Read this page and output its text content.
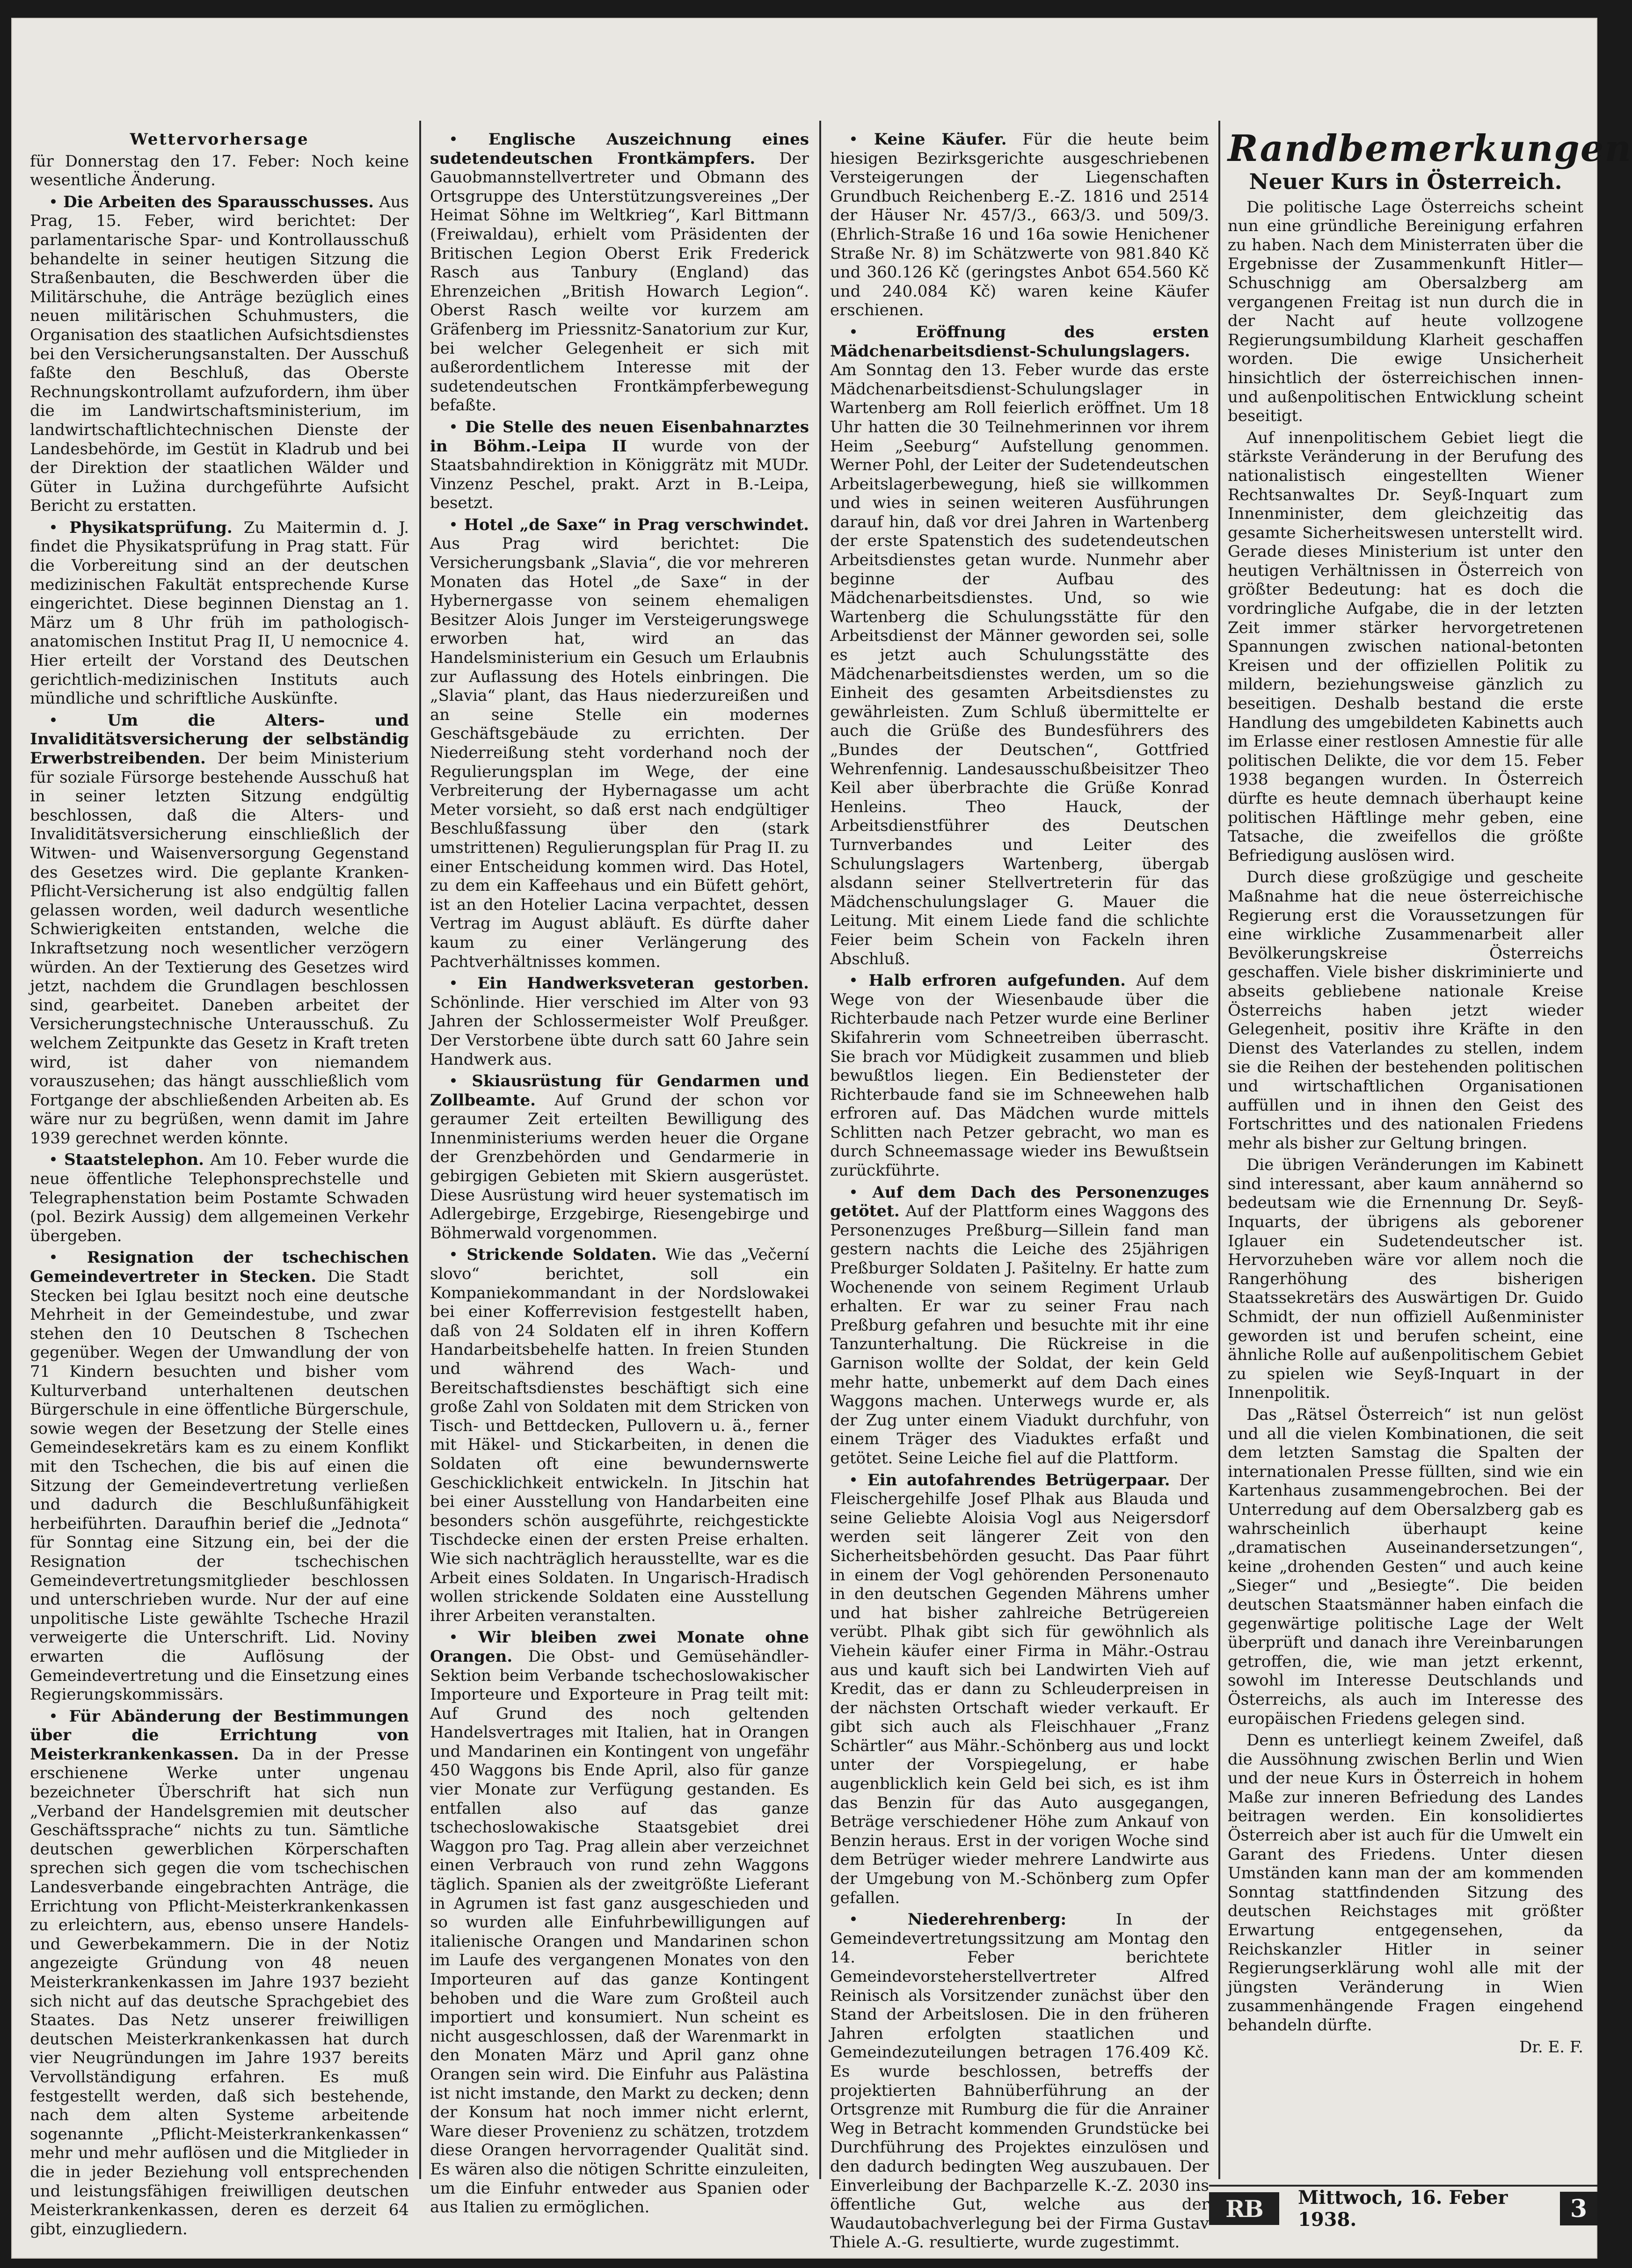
Wettervorhersage

für Donnerstag den 17. Feber: Noch keine wesentliche Änderung.

• Die Arbeiten des Sparausschusses. Aus Prag, 15. Feber, wird berichtet: Der parlamentarische Spar- und Kontrollausschuß behandelte in seiner heutigen Sitzung die Straßenbauten, die Beschwerden über die Militärschuhe, die Anträge bezüglich eines neuen militärischen Schuhmusters, die Organisation des staatlichen Aufsichtsdienstes bei den Versicherungsanstalten. Der Ausschuß faßte den Beschluß, das Oberste Rechnungskontrollamt aufzufordern, ihm über die im Landwirtschaftsministerium, im landwirtschaftlichtechnischen Dienste der Landesbehörde, im Gestüt in Kladrub und bei der Direktion der staatlichen Wälder und Güter in Lužina durchgeführte Aufsicht Bericht zu erstatten.

• Physikatsprüfung. Zu Maitermin d. J. findet die Physikatsprüfung in Prag statt. Für die Vorbereitung sind an der deutschen medizinischen Fakultät entsprechende Kurse eingerichtet. Diese beginnen Dienstag an 1. März um 8 Uhr früh im pathologisch-anatomischen Institut Prag II, U nemocnice 4. Hier erteilt der Vorstand des Deutschen gerichtlich-medizinischen Instituts auch mündliche und schriftliche Auskünfte.

• Um die Alters- und Invaliditätsversicherung der selbständig Erwerbstreibenden. Der beim Ministerium für soziale Fürsorge bestehende Ausschuß hat in seiner letzten Sitzung endgültig beschlossen, daß die Alters- und Invaliditätsversicherung einschließlich der Witwen- und Waisenversorgung Gegenstand des Gesetzes wird. Die geplante Kranken-Pflicht-Versicherung ist also endgültig fallen gelassen worden, weil dadurch wesentliche Schwierigkeiten entstanden, welche die Inkraftsetzung noch wesentlicher verzögern würden. An der Textierung des Gesetzes wird jetzt, nachdem die Grundlagen beschlossen sind, gearbeitet. Daneben arbeitet der Versicherungstechnische Unterausschuß. Zu welchem Zeitpunkte das Gesetz in Kraft treten wird, ist daher von niemandem vorauszusehen; das hängt ausschließlich vom Fortgange der abschließenden Arbeiten ab. Es wäre nur zu begrüßen, wenn damit im Jahre 1939 gerechnet werden könnte.

• Staatstelephon. Am 10. Feber wurde die neue öffentliche Telephonsprechstelle und Telegraphenstation beim Postamte Schwaden (pol. Bezirk Aussig) dem allgemeinen Verkehr übergeben.

• Resignation der tschechischen Gemeindevertreter in Stecken. Die Stadt Stecken bei Iglau besitzt noch eine deutsche Mehrheit in der Gemeindestube, und zwar stehen den 10 Deutschen 8 Tschechen gegenüber. Wegen der Umwandlung der von 71 Kindern besuchten und bisher vom Kulturverband unterhaltenen deutschen Bürgerschule in eine öffentliche Bürgerschule, sowie wegen der Besetzung der Stelle eines Gemeindesekretärs kam es zu einem Konflikt mit den Tschechen, die bis auf einen die Sitzung der Gemeindevertretung verließen und dadurch die Beschlußunfähigkeit herbeiführten. Daraufhin berief die „Jednota“ für Sonntag eine Sitzung ein, bei der die Resignation der tschechischen Gemeindevertretungsmitglieder beschlossen und unterschrieben wurde. Nur der auf eine unpolitische Liste gewählte Tscheche Hrazil verweigerte die Unterschrift. Lid. Noviny erwarten die Auflösung der Gemeindevertretung und die Einsetzung eines Regierungskommissärs.

• Für Abänderung der Bestimmungen über die Errichtung von Meisterkrankenkassen. Da in der Presse erschienene Werke unter ungenau bezeichneter Überschrift hat sich nun „Verband der Handelsgremien mit deutscher Geschäftssprache“ nichts zu tun. Sämtliche deutschen gewerblichen Körperschaften sprechen sich gegen die vom tschechischen Landesverbande eingebrachten Anträge, die Errichtung von Pflicht-Meisterkrankenkassen zu erleichtern, aus, ebenso unsere Handels- und Gewerbekammern. Die in der Notiz angezeigte Gründung von 48 neuen Meisterkrankenkassen im Jahre 1937 bezieht sich nicht auf das deutsche Sprachgebiet des Staates. Das Netz unserer freiwilligen deutschen Meisterkrankenkassen hat durch vier Neugründungen im Jahre 1937 bereits Vervollständigung erfahren. Es muß festgestellt werden, daß sich bestehende, nach dem alten Systeme arbeitende sogenannte „Pflicht-Meisterkrankenkassen“ mehr und mehr auflösen und die Mitglieder in die in jeder Beziehung voll entsprechenden und leistungsfähigen freiwilligen deutschen Meisterkrankenkassen, deren es derzeit 64 gibt, einzugliedern.

• Englische Auszeichnung eines sudetendeutschen Frontkämpfers. Der Gauobmannstellvertreter und Obmann des Ortsgruppe des Unterstützungsvereines „Der Heimat Söhne im Weltkrieg“, Karl Bittmann (Freiwaldau), erhielt vom Präsidenten der Britischen Legion Oberst Erik Frederick Rasch aus Tanbury (England) das Ehrenzeichen „British Howarch Legion“. Oberst Rasch weilte vor kurzem am Gräfenberg im Priessnitz-Sanatorium zur Kur, bei welcher Gelegenheit er sich mit außerordentlichem Interesse mit der sudetendeutschen Frontkämpferbewegung befaßte.

• Die Stelle des neuen Eisenbahnarztes in Böhm.-Leipa II wurde von der Staatsbahndirektion in Königgrätz mit MUDr. Vinzenz Peschel, prakt. Arzt in B.-Leipa, besetzt.

• Hotel „de Saxe“ in Prag verschwindet. Aus Prag wird berichtet: Die Versicherungsbank „Slavia“, die vor mehreren Monaten das Hotel „de Saxe“ in der Hybernergasse von seinem ehemaligen Besitzer Alois Junger im Versteigerungswege erworben hat, wird an das Handelsministerium ein Gesuch um Erlaubnis zur Auflassung des Hotels einbringen. Die „Slavia“ plant, das Haus niederzureißen und an seine Stelle ein modernes Geschäftsgebäude zu errichten. Der Niederreißung steht vorderhand noch der Regulierungsplan im Wege, der eine Verbreiterung der Hybernagasse um acht Meter vorsieht, so daß erst nach endgültiger Beschlußfassung über den (stark umstrittenen) Regulierungsplan für Prag II. zu einer Entscheidung kommen wird. Das Hotel, zu dem ein Kaffeehaus und ein Büfett gehört, ist an den Hotelier Lacina verpachtet, dessen Vertrag im August abläuft. Es dürfte daher kaum zu einer Verlängerung des Pachtverhältnisses kommen.

• Ein Handwerksveteran gestorben. Schönlinde. Hier verschied im Alter von 93 Jahren der Schlossermeister Wolf Preußger. Der Verstorbene übte durch satt 60 Jahre sein Handwerk aus.

• Skiausrüstung für Gendarmen und Zollbeamte. Auf Grund der schon vor geraumer Zeit erteilten Bewilligung des Innenministeriums werden heuer die Organe der Grenzbehörden und Gendarmerie in gebirgigen Gebieten mit Skiern ausgerüstet. Diese Ausrüstung wird heuer systematisch im Adlergebirge, Erzgebirge, Riesengebirge und Böhmerwald vorgenommen.

• Strickende Soldaten. Wie das „Večerní slovo“ berichtet, soll ein Kompaniekommandant in der Nordslowakei bei einer Kofferrevision festgestellt haben, daß von 24 Soldaten elf in ihren Koffern Handarbeitsbehelfe hatten. In freien Stunden und während des Wach- und Bereitschaftsdienstes beschäftigt sich eine große Zahl von Soldaten mit dem Stricken von Tisch- und Bettdecken, Pullovern u. ä., ferner mit Häkel- und Stickarbeiten, in denen die Soldaten oft eine bewundernswerte Geschicklichkeit entwickeln. In Jitschin hat bei einer Ausstellung von Handarbeiten eine besonders schön ausgeführte, reichgestickte Tischdecke einen der ersten Preise erhalten. Wie sich nachträglich herausstellte, war es die Arbeit eines Soldaten. In Ungarisch-Hradisch wollen strickende Soldaten eine Ausstellung ihrer Arbeiten veranstalten.

• Wir bleiben zwei Monate ohne Orangen. Die Obst- und Gemüsehändler-Sektion beim Verbande tschechoslowakischer Importeure und Exporteure in Prag teilt mit: Auf Grund des noch geltenden Handelsvertrages mit Italien, hat in Orangen und Mandarinen ein Kontingent von ungefähr 450 Waggons bis Ende April, also für ganze vier Monate zur Verfügung gestanden. Es entfallen also auf das ganze tschechoslowakische Staatsgebiet drei Waggon pro Tag. Prag allein aber verzeichnet einen Verbrauch von rund zehn Waggons täglich. Spanien als der zweitgrößte Lieferant in Agrumen ist fast ganz ausgeschieden und so wurden alle Einfuhrbewilligungen auf italienische Orangen und Mandarinen schon im Laufe des vergangenen Monates von den Importeuren auf das ganze Kontingent behoben und die Ware zum Großteil auch importiert und konsumiert. Nun scheint es nicht ausgeschlossen, daß der Warenmarkt in den Monaten März und April ganz ohne Orangen sein wird. Die Einfuhr aus Palästina ist nicht imstande, den Markt zu decken; denn der Konsum hat noch immer nicht erlernt, Ware dieser Provenienz zu schätzen, trotzdem diese Orangen hervorragender Qualität sind. Es wären also die nötigen Schritte einzuleiten, um die Einfuhr entweder aus Spanien oder aus Italien zu ermöglichen.

• Keine Käufer. Für die heute beim hiesigen Bezirksgerichte ausgeschriebenen Versteigerungen der Liegenschaften Grundbuch Reichenberg E.-Z. 1816 und 2514 der Häuser Nr. 457/3., 663/3. und 509/3. (Ehrlich-Straße 16 und 16a sowie Henichener Straße Nr. 8) im Schätzwerte von 981.840 Kč und 360.126 Kč (geringstes Anbot 654.560 Kč und 240.084 Kč) waren keine Käufer erschienen.

• Eröffnung des ersten Mädchenarbeitsdienst-Schulungslagers. Am Sonntag den 13. Feber wurde das erste Mädchenarbeitsdienst-Schulungslager in Wartenberg am Roll feierlich eröffnet. Um 18 Uhr hatten die 30 Teilnehmerinnen vor ihrem Heim „Seeburg“ Aufstellung genommen. Werner Pohl, der Leiter der Sudetendeutschen Arbeitslagerbewegung, hieß sie willkommen und wies in seinen weiteren Ausführungen darauf hin, daß vor drei Jahren in Wartenberg der erste Spatenstich des sudetendeutschen Arbeitsdienstes getan wurde. Nunmehr aber beginne der Aufbau des Mädchenarbeitsdienstes. Und, so wie Wartenberg die Schulungsstätte für den Arbeitsdienst der Männer geworden sei, solle es jetzt auch Schulungsstätte des Mädchenarbeitsdienstes werden, um so die Einheit des gesamten Arbeitsdienstes zu gewährleisten. Zum Schluß übermittelte er auch die Grüße des Bundesführers des „Bundes der Deutschen“, Gottfried Wehrenfennig. Landesausschußbeisitzer Theo Keil aber überbrachte die Grüße Konrad Henleins. Theo Hauck, der Arbeitsdienstführer des Deutschen Turnverbandes und Leiter des Schulungslagers Wartenberg, übergab alsdann seiner Stellvertreterin für das Mädchenschulungslager G. Mauer die Leitung. Mit einem Liede fand die schlichte Feier beim Schein von Fackeln ihren Abschluß.

• Halb erfroren aufgefunden. Auf dem Wege von der Wiesenbaude über die Richterbaude nach Petzer wurde eine Berliner Skifahrerin vom Schneetreiben überrascht. Sie brach vor Müdigkeit zusammen und blieb bewußtlos liegen. Ein Bediensteter der Richterbaude fand sie im Schneewehen halb erfroren auf. Das Mädchen wurde mittels Schlitten nach Petzer gebracht, wo man es durch Schneemassage wieder ins Bewußtsein zurückführte.

• Auf dem Dach des Personenzuges getötet. Auf der Plattform eines Waggons des Personenzuges Preßburg—Sillein fand man gestern nachts die Leiche des 25jährigen Preßburger Soldaten J. Pašitelny. Er hatte zum Wochenende von seinem Regiment Urlaub erhalten. Er war zu seiner Frau nach Preßburg gefahren und besuchte mit ihr eine Tanzunterhaltung. Die Rückreise in die Garnison wollte der Soldat, der kein Geld mehr hatte, unbemerkt auf dem Dach eines Waggons machen. Unterwegs wurde er, als der Zug unter einem Viadukt durchfuhr, von einem Träger des Viaduktes erfaßt und getötet. Seine Leiche fiel auf die Plattform.

• Ein autofahrendes Betrügerpaar. Der Fleischergehilfe Josef Plhak aus Blauda und seine Geliebte Aloisia Vogl aus Neigersdorf werden seit längerer Zeit von den Sicherheitsbehörden gesucht. Das Paar führt in einem der Vogl gehörenden Personenauto in den deutschen Gegenden Mährens umher und hat bisher zahlreiche Betrügereien verübt. Plhak gibt sich für gewöhnlich als Viehein käufer einer Firma in Mähr.-Ostrau aus und kauft sich bei Landwirten Vieh auf Kredit, das er dann zu Schleuderpreisen in der nächsten Ortschaft wieder verkauft. Er gibt sich auch als Fleischhauer „Franz Schärtler“ aus Mähr.-Schönberg aus und lockt unter der Vorspiegelung, er habe augenblicklich kein Geld bei sich, es ist ihm das Benzin für das Auto ausgegangen, Beträge verschiedener Höhe zum Ankauf von Benzin heraus. Erst in der vorigen Woche sind dem Betrüger wieder mehrere Landwirte aus der Umgebung von M.-Schönberg zum Opfer gefallen.

• Niederehrenberg:	In der Gemeindevertretungssitzung am Montag den 14. Feber berichtete Gemeindevorsteherstellvertreter Alfred Reinisch als Vorsitzender zunächst über den Stand der Arbeitslosen. Die in den früheren Jahren erfolgten staatlichen und Gemeindezuteilungen betragen 176.409 Kč. Es wurde beschlossen, betreffs der projektierten Bahnüberführung an der Ortsgrenze mit Rumburg die für die Anrainer Weg in Betracht kommenden Grundstücke bei Durchführung des Projektes einzulösen und den dadurch bedingten Weg auszubauen. Der Einverleibung der Bachparzelle K.-Z. 2030 ins öffentliche Gut, welche aus der Waudautobachverlegung bei der Firma Gustav Thiele A.-G. resultierte, wurde zugestimmt.

Randbemerkungen
Neuer Kurs in Österreich.

Die politische Lage Österreichs scheint nun eine gründliche Bereinigung erfahren zu haben. Nach dem Ministerraten über die Ergebnisse der Zusammenkunft Hitler—Schuschnigg am Obersalzberg am vergangenen Freitag ist nun durch die in der Nacht auf heute vollzogene Regierungsumbildung Klarheit geschaffen worden. Die ewige Unsicherheit hinsichtlich der österreichischen innen- und außenpolitischen Entwicklung scheint beseitigt.

Auf innenpolitischem Gebiet liegt die stärkste Veränderung in der Berufung des nationalistisch eingestellten Wiener Rechtsanwaltes Dr. Seyß-Inquart zum Innenminister, dem gleichzeitig das gesamte Sicherheitswesen unterstellt wird. Gerade dieses Ministerium ist unter den heutigen Verhältnissen in Österreich von größter Bedeutung: hat es doch die vordringliche Aufgabe, die in der letzten Zeit immer stärker hervorgetretenen Spannungen zwischen national-betonten Kreisen und der offiziellen Politik zu mildern, beziehungsweise gänzlich zu beseitigen. Deshalb bestand die erste Handlung des umgebildeten Kabinetts auch im Erlasse einer restlosen Amnestie für alle politischen Delikte, die vor dem 15. Feber 1938 begangen wurden. In Österreich dürfte es heute demnach überhaupt keine politischen Häftlinge mehr geben, eine Tatsache, die zweifellos die größte Befriedigung auslösen wird.

Durch diese großzügige und gescheite Maßnahme hat die neue österreichische Regierung erst die Voraussetzungen für eine wirkliche Zusammenarbeit aller Bevölkerungskreise Österreichs geschaffen. Viele bisher diskriminierte und abseits gebliebene nationale Kreise Österreichs haben jetzt wieder Gelegenheit, positiv ihre Kräfte in den Dienst des Vaterlandes zu stellen, indem sie die Reihen der bestehenden politischen und wirtschaftlichen Organisationen auffüllen und in ihnen den Geist des Fortschrittes und des nationalen Friedens mehr als bisher zur Geltung bringen.

Die übrigen Veränderungen im Kabinett sind interessant, aber kaum annähernd so bedeutsam wie die Ernennung Dr. Seyß-Inquarts, der übrigens als geborener Iglauer ein Sudetendeutscher ist. Hervorzuheben wäre vor allem noch die Rangerhöhung des bisherigen Staatssekretärs des Auswärtigen Dr. Guido Schmidt, der nun offiziell Außenminister geworden ist und berufen scheint, eine ähnliche Rolle auf außenpolitischem Gebiet zu spielen wie Seyß-Inquart in der Innenpolitik.

Das „Rätsel Österreich“ ist nun gelöst und all die vielen Kombinationen, die seit dem letzten Samstag die Spalten der internationalen Presse füllten, sind wie ein Kartenhaus zusammengebrochen. Bei der Unterredung auf dem Obersalzberg gab es wahrscheinlich überhaupt keine „dramatischen Auseinandersetzungen“, keine „drohenden Gesten“ und auch keine „Sieger“ und „Besiegte“. Die beiden deutschen Staatsmänner haben einfach die gegenwärtige politische Lage der Welt überprüft und danach ihre Vereinbarungen getroffen, die, wie man jetzt erkennt, sowohl im Interesse Deutschlands und Österreichs, als auch im Interesse des europäischen Friedens gelegen sind.

Denn es unterliegt keinem Zweifel, daß die Aussöhnung zwischen Berlin und Wien und der neue Kurs in Österreich in hohem Maße zur inneren Befriedung des Landes beitragen werden. Ein konsolidiertes Österreich aber ist auch für die Umwelt ein Garant des Friedens. Unter diesen Umständen kann man der am kommenden Sonntag stattfindenden Sitzung des deutschen Reichstages mit größter Erwartung entgegensehen, da Reichskanzler Hitler in seiner Regierungserklärung wohl alle mit der jüngsten Veränderung in Wien zusammenhängende Fragen eingehend behandeln dürfte.

Dr. E. F.
RB	Mittwoch, 16. Feber 1938.	3
